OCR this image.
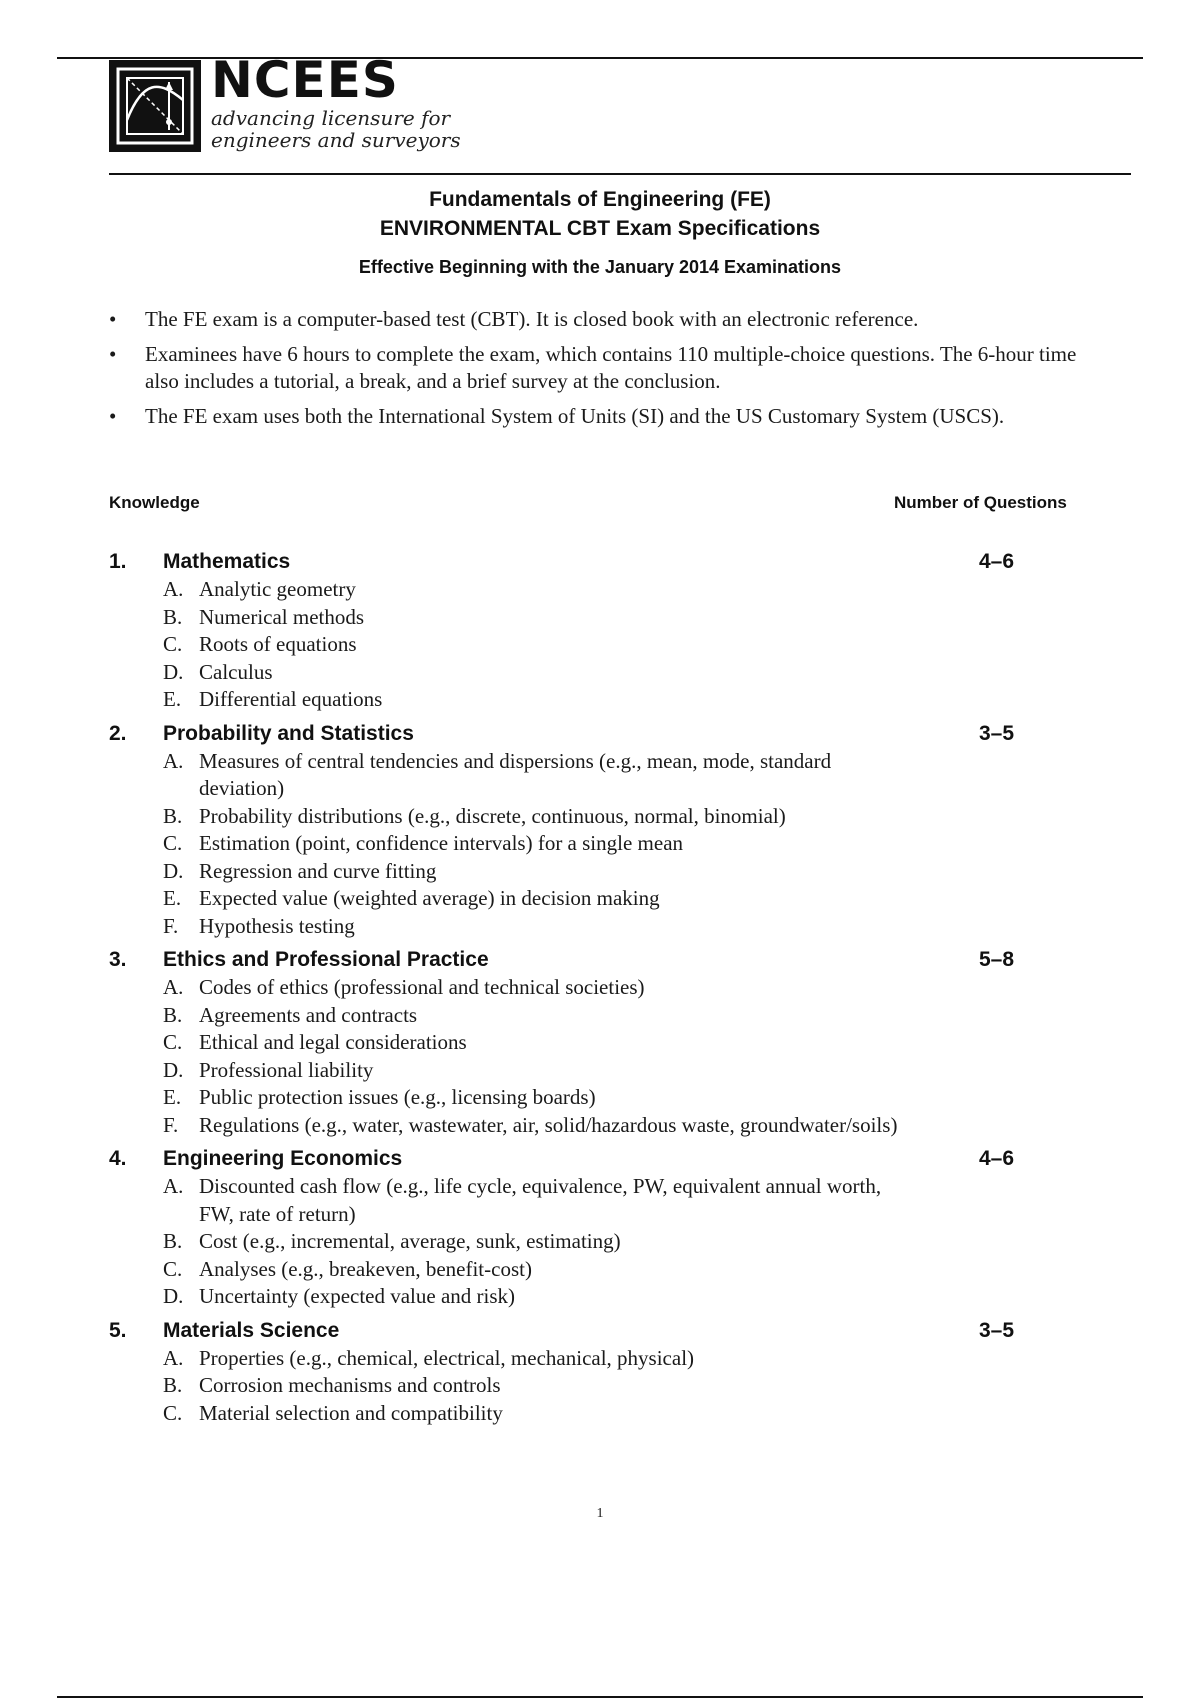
NCEES
advancing licensure for
engineers and surveyors
Fundamentals of Engineering (FE)
ENVIRONMENTAL CBT Exam Specifications
Effective Beginning with the January 2014 Examinations
•	The FE exam is a computer-based test (CBT). It is closed book with an electronic reference.
•	Examinees have 6 hours to complete the exam, which contains 110 multiple-choice questions. The 6-hour time also includes a tutorial, a break, and a brief survey at the conclusion.
•	The FE exam uses both the International System of Units (SI) and the US Customary System (USCS).
Knowledge	Number of Questions
1.	Mathematics	4–6
A. Analytic geometry
B. Numerical methods
C. Roots of equations
D. Calculus
E. Differential equations
2.	Probability and Statistics	3–5
A. Measures of central tendencies and dispersions (e.g., mean, mode, standard deviation)
B. Probability distributions (e.g., discrete, continuous, normal, binomial)
C. Estimation (point, confidence intervals) for a single mean
D. Regression and curve fitting
E. Expected value (weighted average) in decision making
F. Hypothesis testing
3.	Ethics and Professional Practice	5–8
A. Codes of ethics (professional and technical societies)
B. Agreements and contracts
C. Ethical and legal considerations
D. Professional liability
E. Public protection issues (e.g., licensing boards)
F. Regulations (e.g., water, wastewater, air, solid/hazardous waste, groundwater/soils)
4.	Engineering Economics	4–6
A. Discounted cash flow (e.g., life cycle, equivalence, PW, equivalent annual worth, FW, rate of return)
B. Cost (e.g., incremental, average, sunk, estimating)
C. Analyses (e.g., breakeven, benefit-cost)
D. Uncertainty (expected value and risk)
5.	Materials Science	3–5
A. Properties (e.g., chemical, electrical, mechanical, physical)
B. Corrosion mechanisms and controls
C. Material selection and compatibility
1
